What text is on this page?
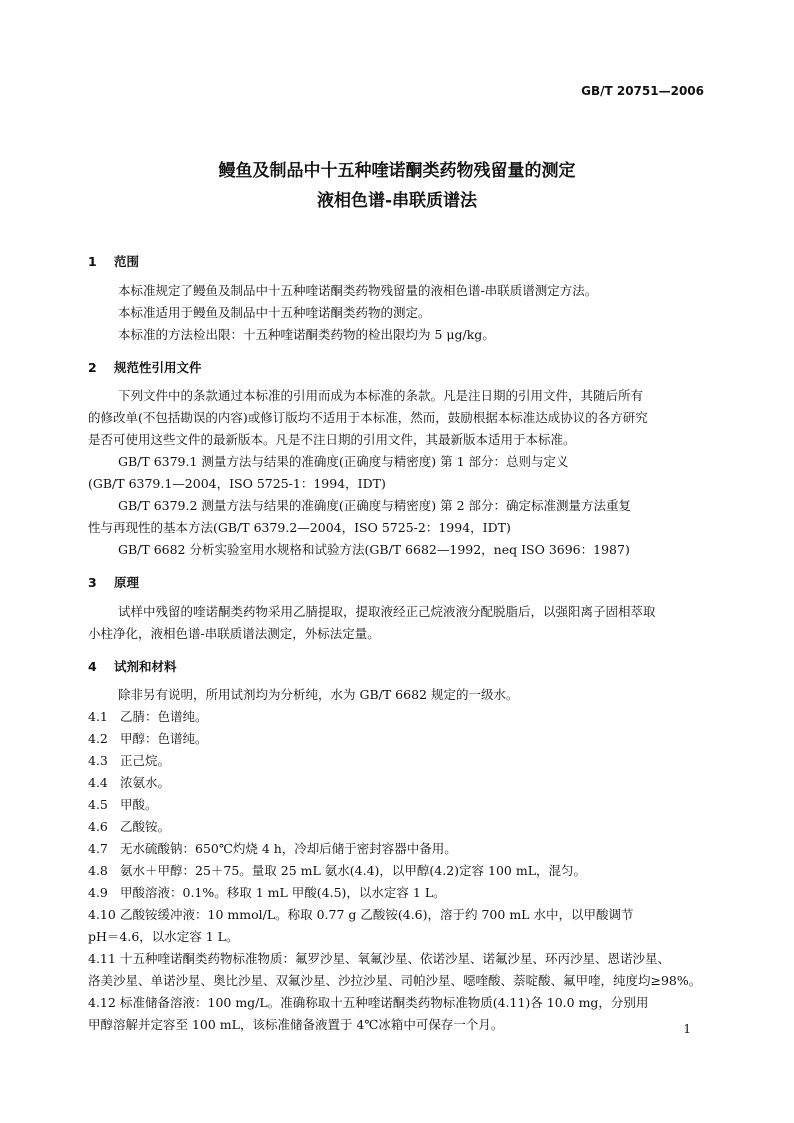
GB/T 20751—2006
鳗鱼及制品中十五种喹诺酮类药物残留量的测定
液相色谱-串联质谱法
1 范围
本标准规定了鳗鱼及制品中十五种喹诺酮类药物残留量的液相色谱-串联质谱测定方法。
本标准适用于鳗鱼及制品中十五种喹诺酮类药物的测定。
本标准的方法检出限：十五种喹诺酮类药物的检出限均为 5 μg/kg。
2 规范性引用文件
下列文件中的条款通过本标准的引用而成为本标准的条款。凡是注日期的引用文件，其随后所有
的修改单(不包括勘误的内容)或修订版均不适用于本标准，然而，鼓励根据本标准达成协议的各方研究
是否可使用这些文件的最新版本。凡是不注日期的引用文件，其最新版本适用于本标准。
GB/T 6379.1 测量方法与结果的准确度(正确度与精密度) 第 1 部分：总则与定义
(GB/T 6379.1—2004，ISO 5725-1：1994，IDT)
GB/T 6379.2 测量方法与结果的准确度(正确度与精密度) 第 2 部分：确定标准测量方法重复
性与再现性的基本方法(GB/T 6379.2—2004，ISO 5725-2：1994，IDT)
GB/T 6682 分析实验室用水规格和试验方法(GB/T 6682—1992，neq ISO 3696：1987)
3 原理
试样中残留的喹诺酮类药物采用乙腈提取，提取液经正己烷液液分配脱脂后，以强阳离子固相萃取
小柱净化，液相色谱-串联质谱法测定，外标法定量。
4 试剂和材料
除非另有说明，所用试剂均为分析纯，水为 GB/T 6682 规定的一级水。
4.1 乙腈：色谱纯。
4.2 甲醇：色谱纯。
4.3 正己烷。
4.4 浓氨水。
4.5 甲酸。
4.6 乙酸铵。
4.7 无水硫酸钠：650℃灼烧 4 h，冷却后储于密封容器中备用。
4.8 氨水＋甲醇：25＋75。量取 25 mL 氨水(4.4)，以甲醇(4.2)定容 100 mL，混匀。
4.9 甲酸溶液：0.1%。移取 1 mL 甲酸(4.5)，以水定容 1 L。
4.10 乙酸铵缓冲液：10 mmol/L。称取 0.77 g 乙酸铵(4.6)，溶于约 700 mL 水中，以甲酸调节
pH＝4.6，以水定容 1 L。
4.11 十五种喹诺酮类药物标准物质：氟罗沙星、氧氟沙星、依诺沙星、诺氟沙星、环丙沙星、恩诺沙星、
洛美沙星、单诺沙星、奥比沙星、双氟沙星、沙拉沙星、司帕沙星、噁喹酸、萘啶酸、氟甲喹，纯度均≥98%。
4.12 标准储备溶液：100 mg/L。准确称取十五种喹诺酮类药物标准物质(4.11)各 10.0 mg，分别用
甲醇溶解并定容至 100 mL，该标准储备液置于 4℃冰箱中可保存一个月。	1
